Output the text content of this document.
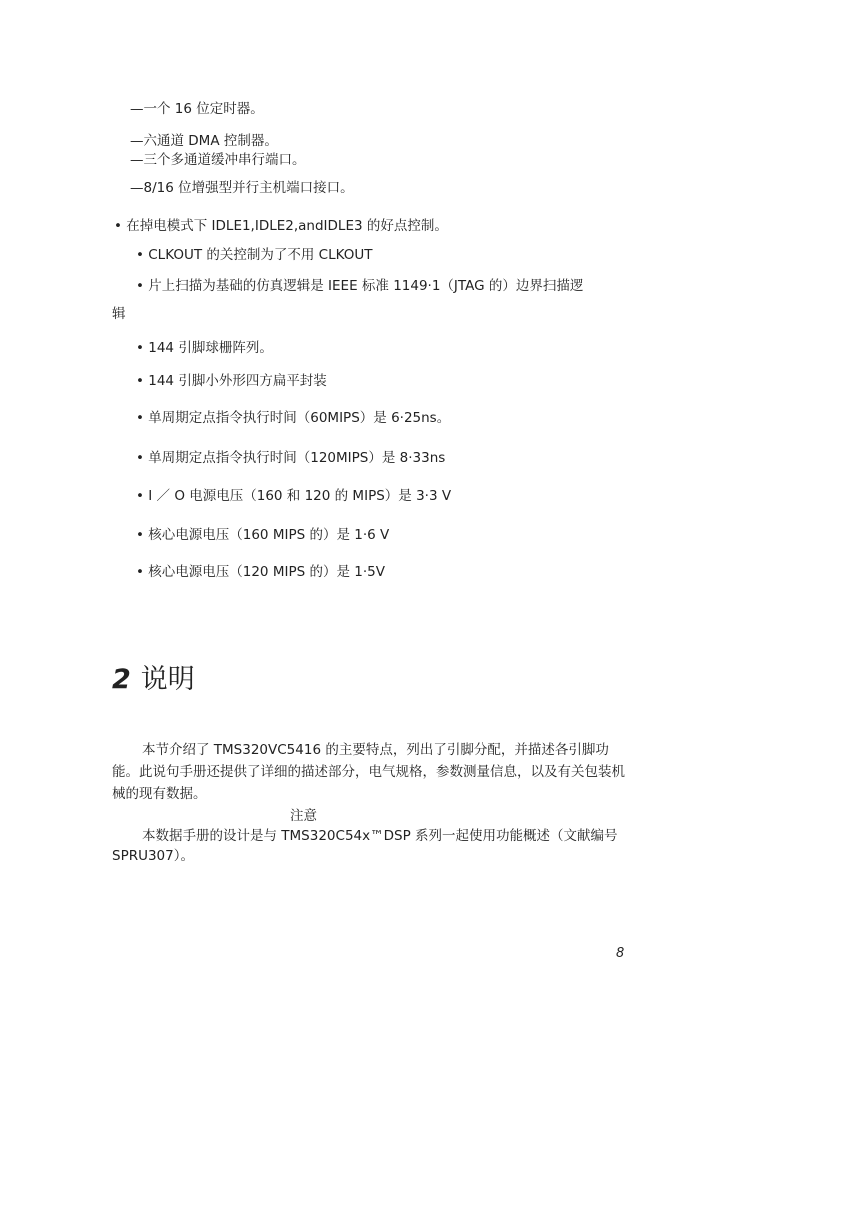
—一个 16 位定时器。
—六通道 DMA 控制器。
—三个多通道缓冲串行端口。
—8/16 位增强型并行主机端口接口。
• 在掉电模式下 IDLE1,IDLE2,andIDLE3 的好点控制。
• CLKOUT 的关控制为了不用 CLKOUT
• 片上扫描为基础的仿真逻辑是 IEEE 标准 1149·1（JTAG 的）边界扫描逻
辑
• 144 引脚球栅阵列。
• 144 引脚小外形四方扁平封装
• 单周期定点指令执行时间（60MIPS）是 6·25ns。
• 单周期定点指令执行时间（120MIPS）是 8·33ns
• I ／ O 电源电压（160 和 120 的 MIPS）是 3·3 V
• 核心电源电压（160 MIPS 的）是 1·6 V
• 核心电源电压（120 MIPS 的）是 1·5V
2 说明
本节介绍了 TMS320VC5416 的主要特点，列出了引脚分配，并描述各引脚功能。此说句手册还提供了详细的描述部分，电气规格，参数测量信息，以及有关包装机械的现有数据。
注意
本数据手册的设计是与 TMS320C54x™DSP 系列一起使用功能概述（文献编号 SPRU307）。
8
